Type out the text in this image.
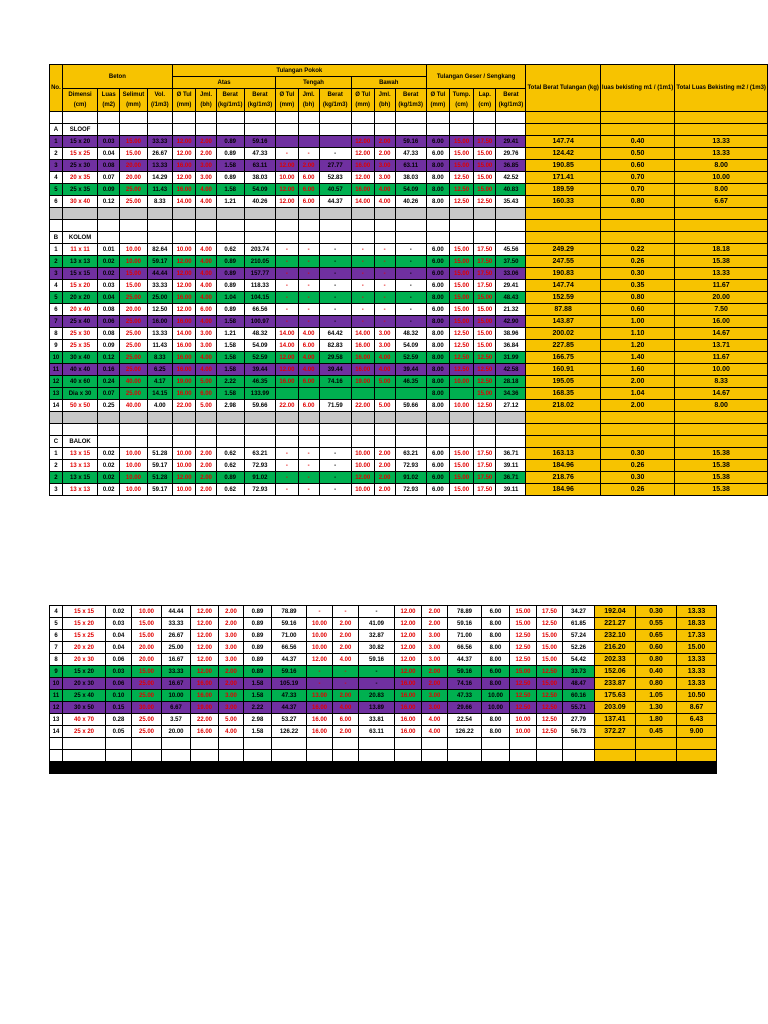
No.	Beton				Tulangan Pokok										Tulangan Geser / Sengkang				Total Berat Tulangan (kg)	luas bekisting m1 / (1m1)	Total Luas Bekisting m2 / (1m3)
					Atas				Tengah			Bawah									
	Dimensi (cm)	Luas (m2)	Selimut (mm)	Vol. (/1m3)	Ø Tul (mm)	Jml. (bh)	Berat (kg/1m1)	Berat (kg/1m3)	Ø Tul (mm)	Jml. (bh)	Berat (kg/1m3)	Ø Tul (mm)	Jml. (bh)	Berat (kg/1m3)	Ø Tul (mm)	Tump. (cm)	Lap. (cm)	Berat (kg/1m3)			

A	SLOOF																				
1	15 x 20	0.03	15.00	33.33	12.00	2.00	0.89	59.16				12.00	2.00	59.16	6.00	15.00	17.50	29.41	147.74	0.40	13.33
2	15 x 25	0.04	15.00	26.67	12.00	2.00	0.89	47.33	-	-	-	12.00	2.00	47.33	6.00	15.00	15.00	29.76	124.42	0.50	13.33
3	25 x 30	0.08	20.00	13.33	16.00	3.00	1.58	63.11	12.00	2.00	27.77	16.00	3.00	63.11	8.00	15.00	15.00	36.85	190.85	0.60	8.00
4	20 x 35	0.07	20.00	14.29	12.00	3.00	0.89	38.03	10.00	6.00	52.83	12.00	3.00	38.03	8.00	12.50	15.00	42.52	171.41	0.70	10.00
5	25 x 35	0.09	25.00	11.43	16.00	4.00	1.58	54.09	12.00	6.00	40.57	16.00	4.00	54.09	8.00	12.50	15.00	40.83	189.59	0.70	8.00
6	30 x 40	0.12	25.00	8.33	14.00	4.00	1.21	40.26	12.00	6.00	44.37	14.00	4.00	40.26	8.00	12.50	12.50	35.43	160.33	0.80	6.67

B	KOLOM																				
1	11 x 11	0.01	10.00	82.64	10.00	4.00	0.62	203.74	-	-	-	-	-	-	6.00	15.00	17.50	45.56	249.29	0.22	18.18
2	13 x 13	0.02	10.00	59.17	12.00	4.00	0.89	210.05	-	-	-	-	-	-	6.00	15.00	17.50	37.50	247.55	0.26	15.38
3	15 x 15	0.02	15.00	44.44	12.00	4.00	0.89	157.77	-	-	-	-	-	-	6.00	15.00	17.50	33.06	190.83	0.30	13.33
4	15 x 20	0.03	15.00	33.33	12.00	4.00	0.89	118.33	-	-	-	-	-	-	6.00	15.00	17.50	29.41	147.74	0.35	11.67
5	20 x 20	0.04	25.00	25.00	16.00	4.00	1.04	104.15	-	-	-	-	-	-	8.00	15.00	15.00	48.43	152.59	0.80	20.00
6	20 x 40	0.08	20.00	12.50	12.00	6.00	0.89	66.56	-	-	-	-	-	-	6.00	15.00	15.00	21.32	87.88	0.60	7.50
7	25 x 40	0.06	25.00	16.00	16.00	4.00	1.58	100.97	-	-	-	-	-	-	8.00	15.00	15.00	42.90	143.87	1.00	16.00
8	25 x 30	0.08	25.00	13.33	14.00	3.00	1.21	48.32	14.00	4.00	64.42	14.00	3.00	48.32	8.00	12.50	15.00	38.96	200.02	1.10	14.67
9	25 x 35	0.09	25.00	11.43	16.00	3.00	1.58	54.09	14.00	6.00	82.83	16.00	3.00	54.09	8.00	12.50	15.00	36.84	227.85	1.20	13.71
10	30 x 40	0.12	25.00	8.33	16.00	4.00	1.58	52.59	12.00	4.00	29.58	16.00	4.00	52.59	8.00	12.50	12.50	31.99	166.75	1.40	11.67
11	40 x 40	0.16	25.00	6.25	16.00	4.00	1.58	39.44	12.00	4.00	39.44	16.00	4.00	39.44	8.00	12.50	12.50	42.58	160.91	1.60	10.00
12	40 x 60	0.24	40.00	4.17	19.00	5.00	2.22	46.35	16.00	6.00	74.16	19.00	5.00	46.35	8.00	10.00	12.50	28.18	195.05	2.00	8.33
13	Dia x 30	0.07	25.00	14.15	16.00	6.00	1.58	133.99							8.00		15.00	34.36	168.35	1.04	14.67
14	50 x 50	0.25	40.00	4.00	22.00	5.00	2.98	59.66	22.00	6.00	71.59	22.00	5.00	59.66	8.00	10.00	12.50	27.12	218.02	2.00	8.00

C	BALOK																				
1	13 x 15	0.02	10.00	51.28	10.00	2.00	0.62	63.21	-	-	-	10.00	2.00	63.21	6.00	15.00	17.50	36.71	163.13	0.30	15.38
2	13 x 13	0.02	10.00	59.17	10.00	2.00	0.62	72.93	-	-	-	10.00	2.00	72.93	6.00	15.00	17.50	39.11	184.96	0.26	15.38
2	13 x 15	0.02	10.00	51.28	12.00	2.00	0.89	91.02	-	-	-	12.00	2.00	91.02	6.00	15.00	17.50	36.71	218.76	0.30	15.38
3	13 x 13	0.02	10.00	59.17	10.00	2.00	0.62	72.93	-	-	-	10.00	2.00	72.93	6.00	15.00	17.50	39.11	184.96	0.26	15.38
4	15 x 15	0.02	10.00	44.44	12.00	2.00	0.89	78.89	-	-	-	12.00	2.00	78.89	6.00	15.00	17.50	34.27	192.04	0.30	13.33
5	15 x 20	0.03	15.00	33.33	12.00	2.00	0.89	59.16	10.00	2.00	41.09	12.00	2.00	59.16	8.00	15.00	12.50	61.85	221.27	0.55	18.33
6	15 x 25	0.04	15.00	26.67	12.00	3.00	0.89	71.00	10.00	2.00	32.87	12.00	3.00	71.00	8.00	12.50	15.00	57.24	232.10	0.65	17.33
7	20 x 20	0.04	20.00	25.00	12.00	3.00	0.89	66.56	10.00	2.00	30.82	12.00	3.00	66.56	8.00	12.50	15.00	52.26	216.20	0.60	15.00
8	20 x 30	0.06	20.00	16.67	12.00	3.00	0.89	44.37	12.00	4.00	59.16	12.00	3.00	44.37	8.00	12.50	15.00	54.42	202.33	0.80	13.33
9	15 x 20	0.03	15.00	33.33	12.00	2.00	0.89	59.16	-	-	-	12.00	2.00	59.16	6.00	15.00	12.50	33.73	152.06	0.40	13.33
10	20 x 30	0.06	25.00	16.67	16.00	2.00	1.58	105.19	-	-	-	16.00	2.00	74.16	8.00	12.50	15.00	48.47	233.87	0.80	13.33
11	25 x 40	0.10	25.00	10.00	16.00	3.00	1.58	47.33	13.00	2.00	20.83	16.00	3.00	47.33	10.00	12.50	12.50	60.16	175.63	1.05	10.50
12	30 x 50	0.15	30.00	6.67	19.00	3.00	2.22	44.37	16.00	4.00	13.89	16.00	3.00	29.66	10.00	12.50	12.50	55.71	203.09	1.30	8.67
13	40 x 70	0.28	25.00	3.57	22.00	5.00	2.98	53.27	16.00	6.00	33.81	16.00	4.00	22.54	8.00	10.00	12.50	27.79	137.41	1.80	6.43
14	25 x 20	0.05	25.00	20.00	16.00	4.00	1.58	126.22	16.00	2.00	63.11	16.00	4.00	126.22	8.00	10.00	12.50	56.73	372.27	0.45	9.00
